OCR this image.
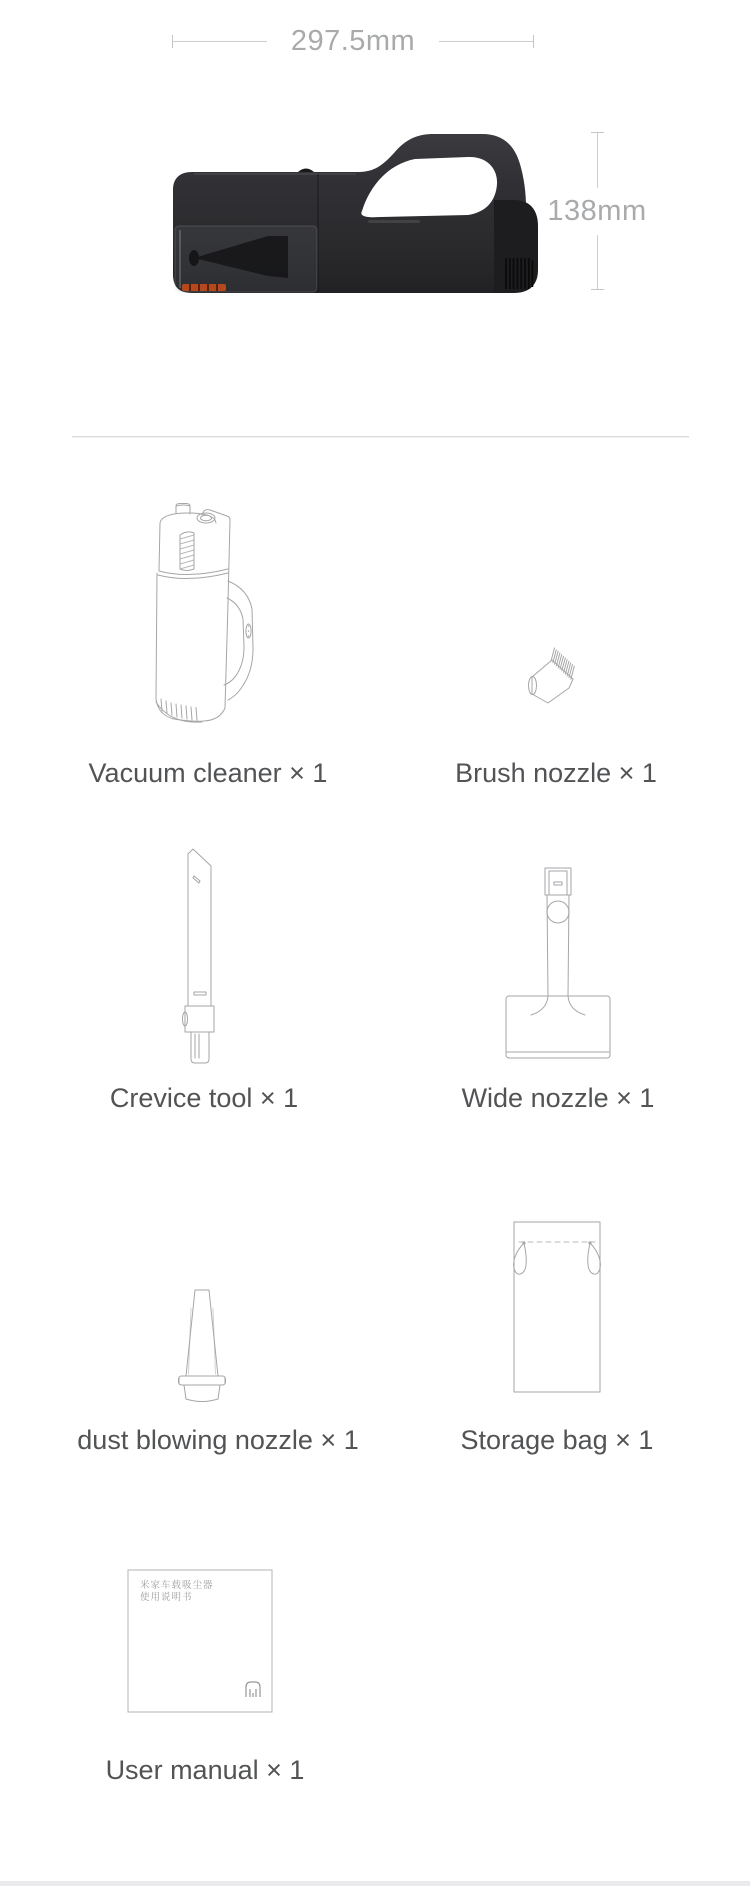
297.5mm
138mm
米家车载吸尘器
使用说明书
Vacuum cleaner × 1	Brush nozzle × 1
Crevice tool × 1	Wide nozzle × 1
dust blowing nozzle × 1	Storage bag × 1
User manual × 1
